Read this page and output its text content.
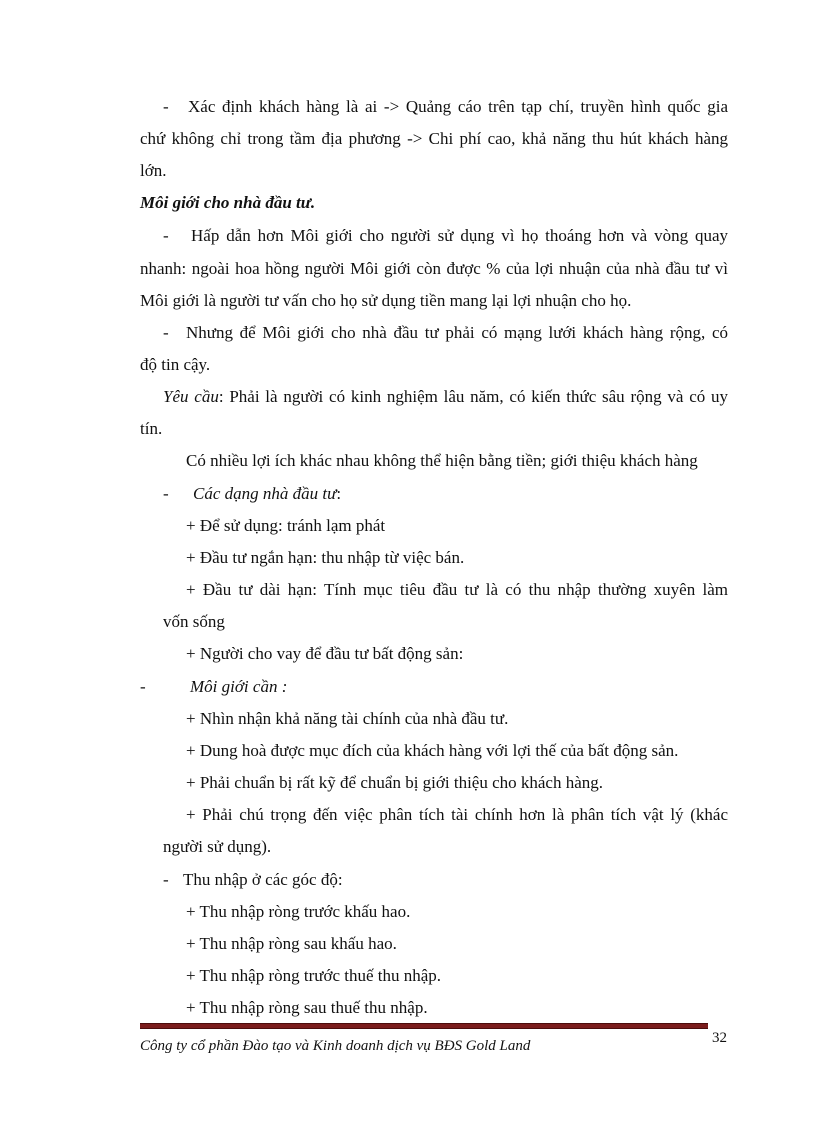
- Xác định khách hàng là ai -> Quảng cáo trên tạp chí, truyền hình quốc gia
chứ không chỉ trong tầm địa phương -> Chi phí cao, khả năng thu hút khách hàng
lớn.
Môi giới cho nhà đầu tư.
- Hấp dẫn hơn Môi giới cho người sử dụng vì họ thoáng hơn và vòng quay
nhanh: ngoài hoa hồng người Môi giới còn được % của lợi nhuận của nhà đầu tư vì
Môi giới là người tư vấn cho họ sử dụng tiền mang lại lợi nhuận cho họ.
- Nhưng để Môi giới cho nhà đầu tư phải có mạng lưới khách hàng rộng, có
độ tin cậy.
Yêu cầu: Phải là người có kinh nghiệm lâu năm, có kiến thức sâu rộng và có uy
tín.
Có nhiều lợi ích khác nhau không thể hiện bằng tiền; giới thiệu khách hàng
- Các dạng nhà đầu tư:
+ Để sử dụng: tránh lạm phát
+ Đầu tư ngắn hạn: thu nhập từ việc bán.
+ Đầu tư dài hạn: Tính mục tiêu đầu tư là có thu nhập thường xuyên làm
vốn sống
+ Người cho vay để đầu tư bất động sản:
-	Môi giới cần :
+ Nhìn nhận khả năng tài chính của nhà đầu tư.
+ Dung hoà được mục đích của khách hàng với lợi thế của bất động sản.
+ Phải chuẩn bị rất kỹ để chuẩn bị giới thiệu cho khách hàng.
+ Phải chú trọng đến việc phân tích tài chính hơn là phân tích vật lý (khác
người sử dụng).
- Thu nhập ở các góc độ:
+ Thu nhập ròng trước khấu hao.
+ Thu nhập ròng sau khấu hao.
+ Thu nhập ròng trước thuế thu nhập.
+ Thu nhập ròng sau thuế thu nhập.
Công ty cổ phần Đào tạo và Kinh doanh dịch vụ BĐS Gold Land	32
